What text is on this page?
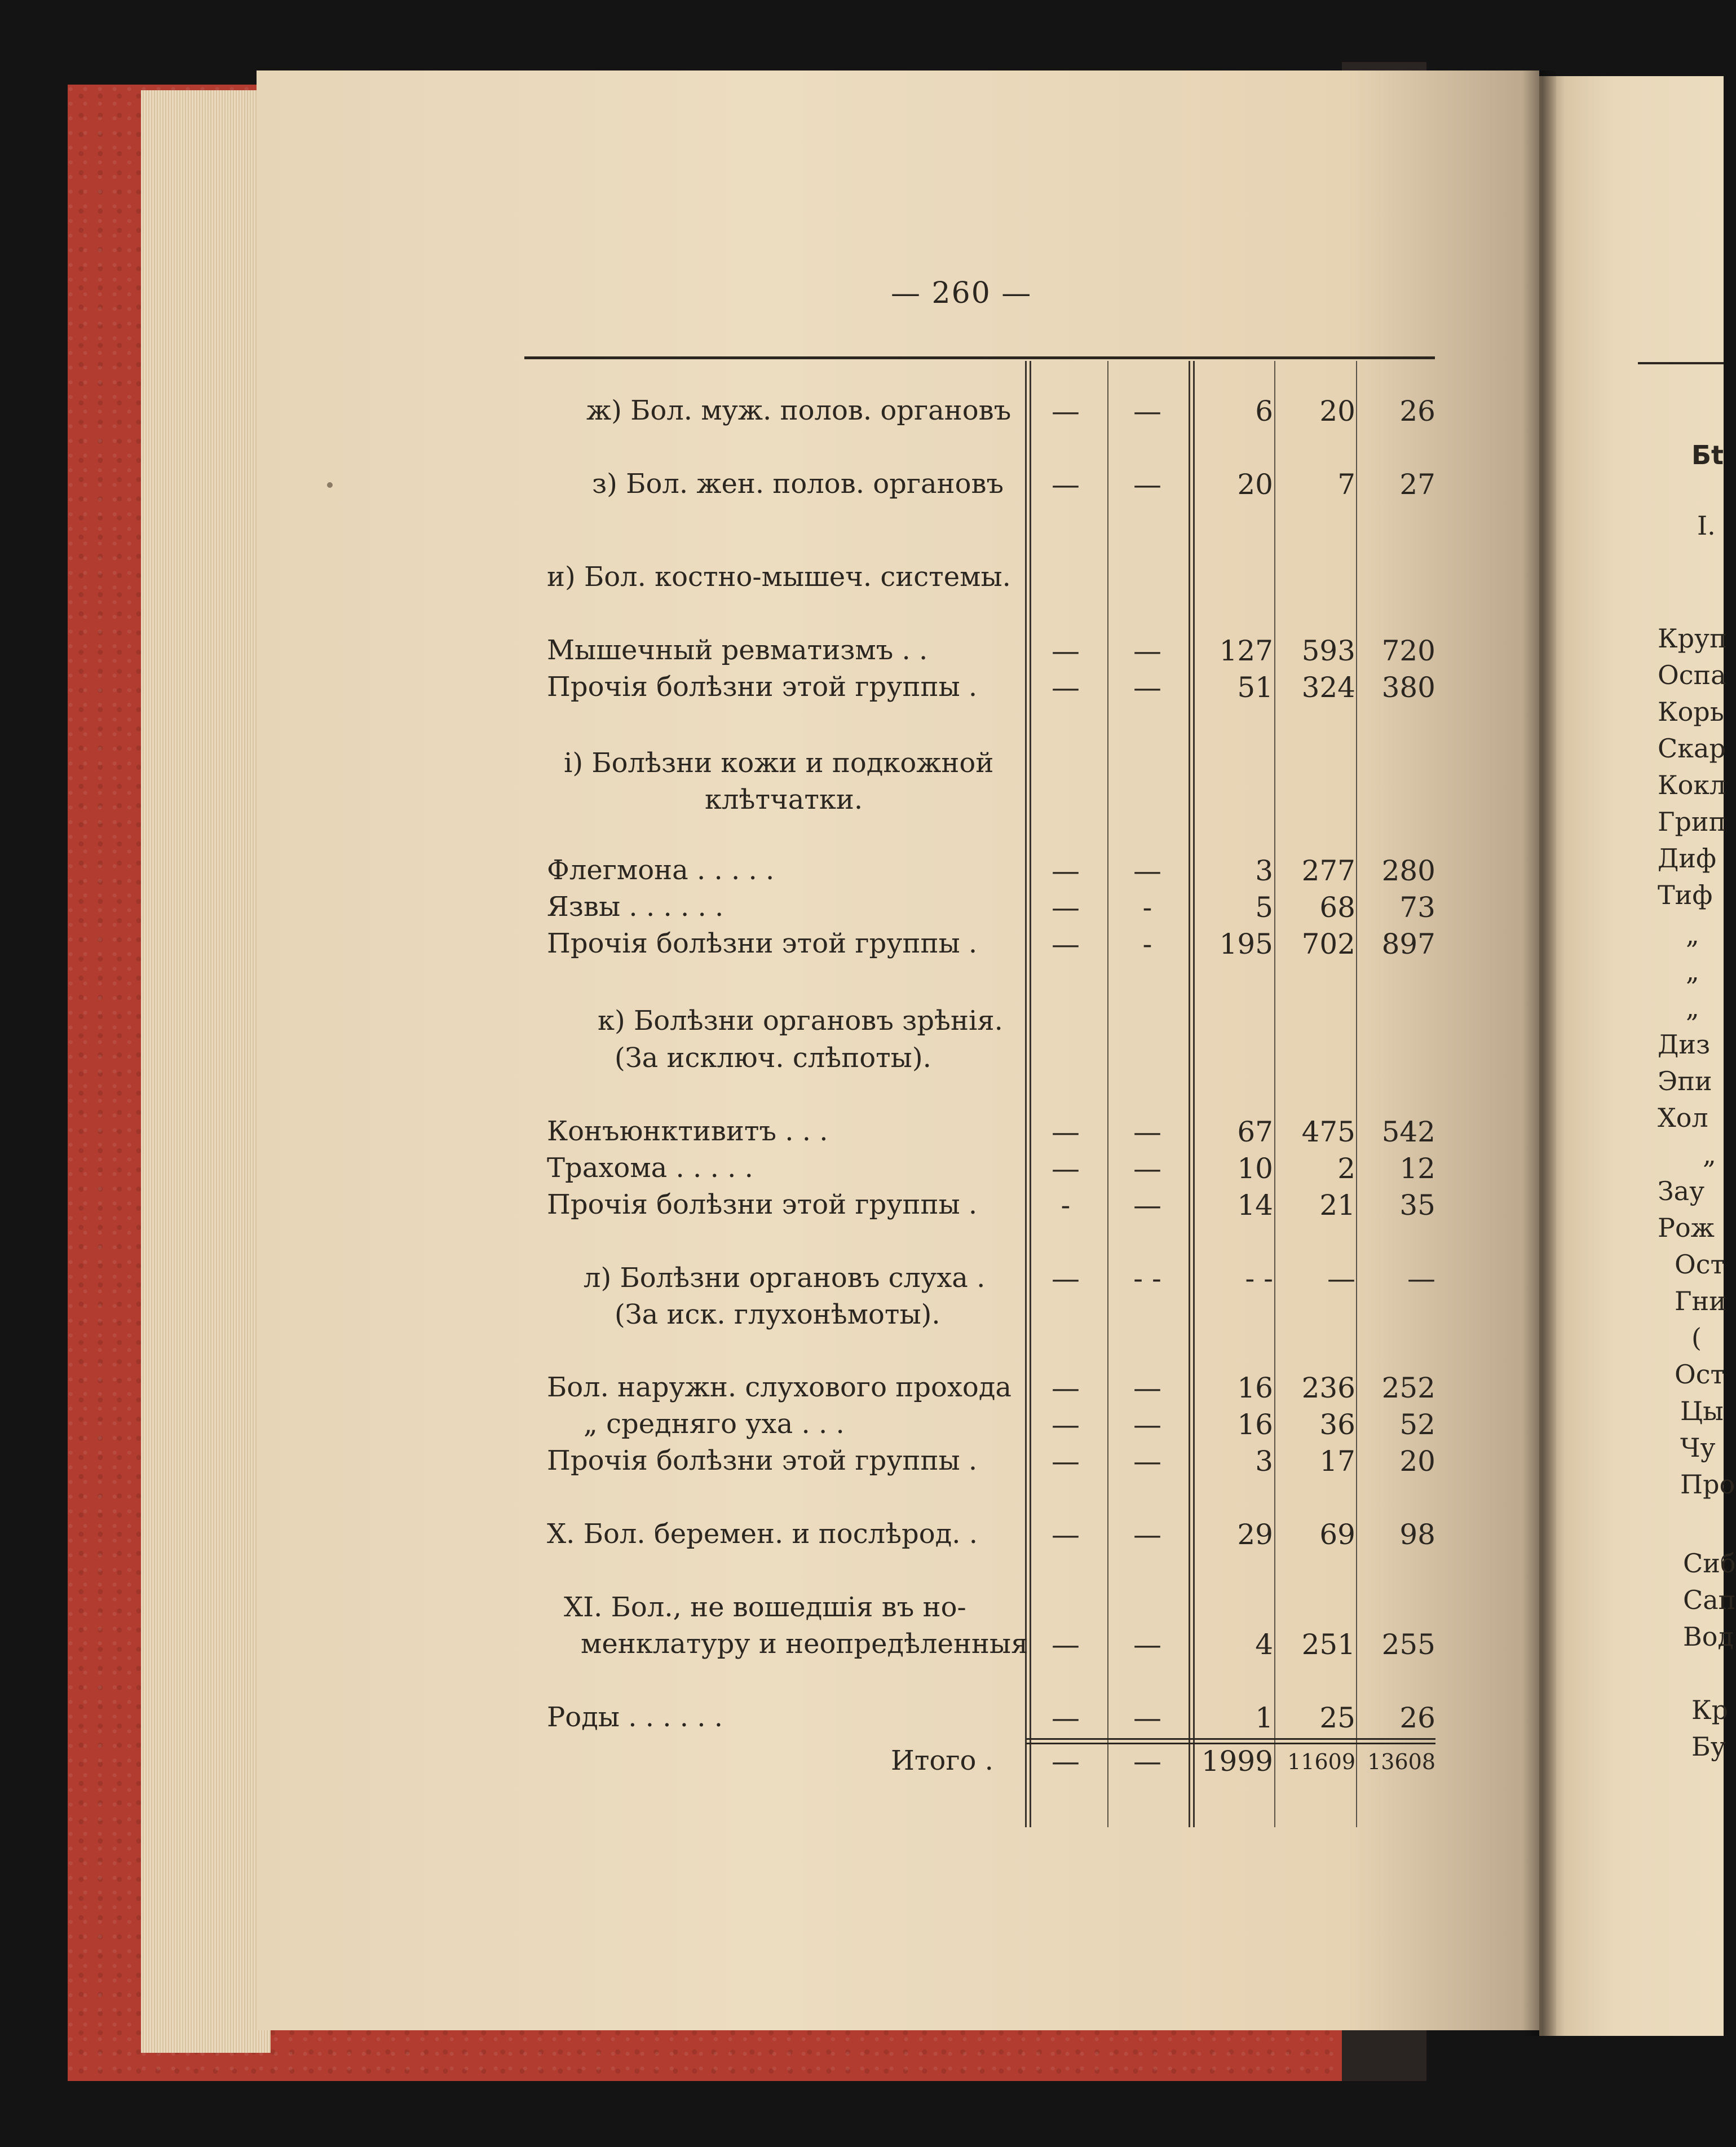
— 260 —
ж) Бол. муж. полов. органовъ	—	—	6	20	26
з) Бол. жен. полов. органовъ	—	—	20	7	27
и) Бол. костно-мышеч. системы.
Мышечный ревматизмъ . .	—	—	127	593 720
Прочія болѣзни этой группы .	—	—	51	324 380
і) Болѣзни кожи и подкожной
клѣтчатки.
Флегмона . . . . .	—	—	3	277 280
Язвы . . . . . .	—	-	5	68	73
Прочія болѣзни этой группы .	—	-	195	702 897
к) Болѣзни органовъ зрѣнія.
(За исключ. слѣпоты).
Конъюнктивитъ . . .	—	—	67	475 542
Трахома . . . . .	—	—	10	2	12
Прочія болѣзни этой группы .	-	—	14	21	35
л) Болѣзни органовъ слуха .	—	- -	- -	—	—
(За иск. глухонѣмоты).
Бол. наружн. слуховогo прохода	—	—	16	236 252
„ средняго уха . . .	—	—	16	36	52
Прочія болѣзни этой группы .	—	—	3	17	20
X. Бол. беремен. и послѣрод. .	—	—	29	69	98
XI. Бол., не вошедшія въ но-
менклатуру и неопредѣленныя —	—	4	251 255
Роды . . . . . .	—	—	1	25	26
Итого .	—	—	1999 11609 13608
Бt
I.
Круп
Оспа
Корь
Скар
Кокл
Грип
Диф
Тиф
„
„
„
Диз
Эпи
Хол
„
Зау
Рож
Ост
Гни
(
Ост
Цы
Чу
Про
Сиб
Сап
Вод
Кр
Бу
